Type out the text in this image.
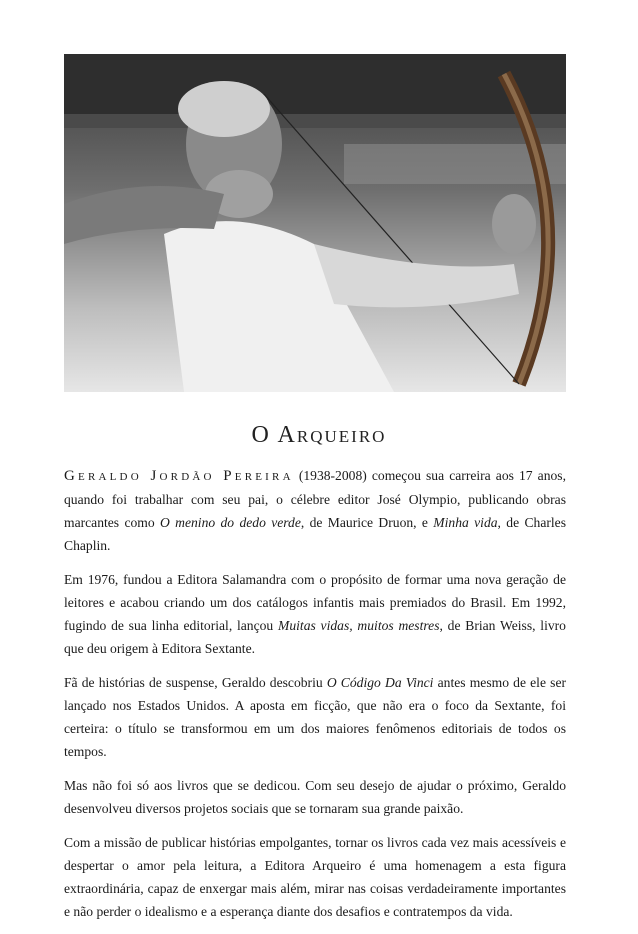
O Arqueiro

Geraldo Jordão Pereira (1938-2008) começou sua carreira aos 17 anos, quando foi trabalhar com seu pai, o célebre editor José Olympio, publicando obras marcantes como O menino do dedo verde, de Maurice Druon, e Minha vida, de Charles Chaplin.

Em 1976, fundou a Editora Salamandra com o propósito de formar uma nova geração de leitores e acabou criando um dos catálogos infantis mais premiados do Brasil. Em 1992, fugindo de sua linha editorial, lançou Muitas vidas, muitos mestres, de Brian Weiss, livro que deu origem à Editora Sextante.

Fã de histórias de suspense, Geraldo descobriu O Código Da Vinci antes mesmo de ele ser lançado nos Estados Unidos. A aposta em ficção, que não era o foco da Sextante, foi certeira: o título se transformou em um dos maiores fenômenos editoriais de todos os tempos.

Mas não foi só aos livros que se dedicou. Com seu desejo de ajudar o próximo, Geraldo desenvolveu diversos projetos sociais que se tornaram sua grande paixão.

Com a missão de publicar histórias empolgantes, tornar os livros cada vez mais acessíveis e despertar o amor pela leitura, a Editora Arqueiro é uma homenagem a esta figura extraordinária, capaz de enxergar mais além, mirar nas coisas verdadeiramente importantes e não perder o idealismo e a esperança diante dos desafios e contratempos da vida.
